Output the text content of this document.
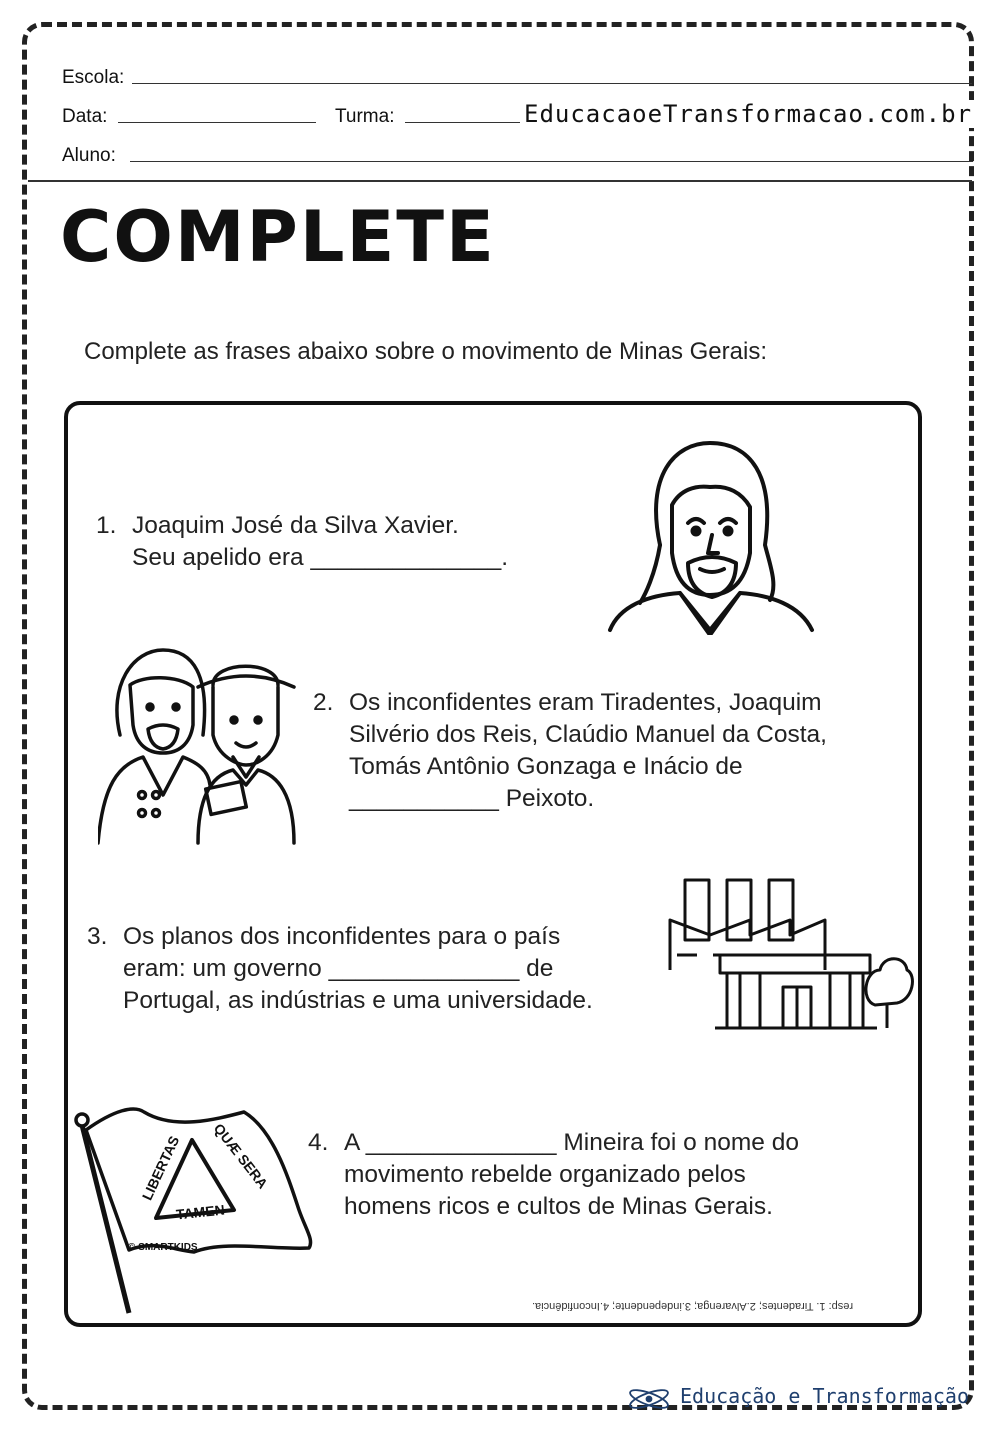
Escola:
Data:	Turma:	EducacaoeTransformacao.com.br
Aluno:
COMPLETE
Complete as frases abaixo sobre o movimento de Minas Gerais:
1. Joaquim José da Silva Xavier.
Seu apelido era ______________.
2. Os inconfidentes eram Tiradentes, Joaquim
Silvério dos Reis, Claúdio Manuel da Costa,
Tomás Antônio Gonzaga e Inácio de
___________ Peixoto.
3. Os planos dos inconfidentes para o país
eram: um governo ______________ de
Portugal, as indústrias e uma universidade.
4. A ______________ Mineira foi o nome do
movimento rebelde organizado pelos
homens ricos e cultos de Minas Gerais.
LIBERTAS QUÆ SERA
TAMEN
© SMARTKIDS
resp: 1. Tiradentes; 2.Alvarenga; 3.independente; 4.Inconfidência.
Educação e Transformação
